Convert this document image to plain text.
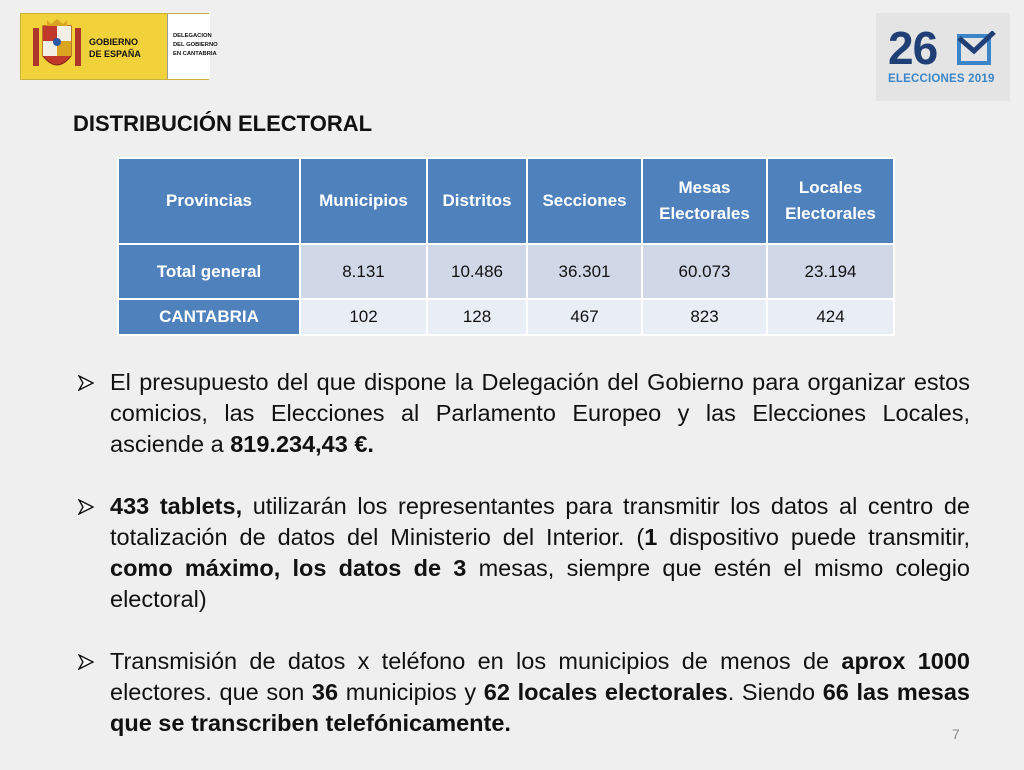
GOBIERNO
DE ESPAÑA
DELEGACION
DEL GOBIERNO
EN CANTABRIA	26
ELECCIONES 2019
DISTRIBUCIÓN ELECTORAL
Provincias	Municipios	Distritos	Secciones	Mesas Electorales	Locales Electorales
Total general	8.131	10.486	36.301	60.073	23.194
CANTABRIA	102	128	467	823	424
El presupuesto del que dispone la Delegación del Gobierno para organizar estos comicios, las Elecciones al Parlamento Europeo y las Elecciones Locales, asciende a 819.234,43 €.
433 tablets, utilizarán los representantes para transmitir los datos al centro de totalización de datos del Ministerio del Interior. (1 dispositivo puede transmitir, como máximo, los datos de 3 mesas, siempre que estén el mismo colegio electoral)
Transmisión de datos x teléfono en los municipios de menos de aprox 1000 electores. que son 36 municipios y 62 locales electorales. Siendo 66 las mesas que se transcriben telefónicamente.	7
